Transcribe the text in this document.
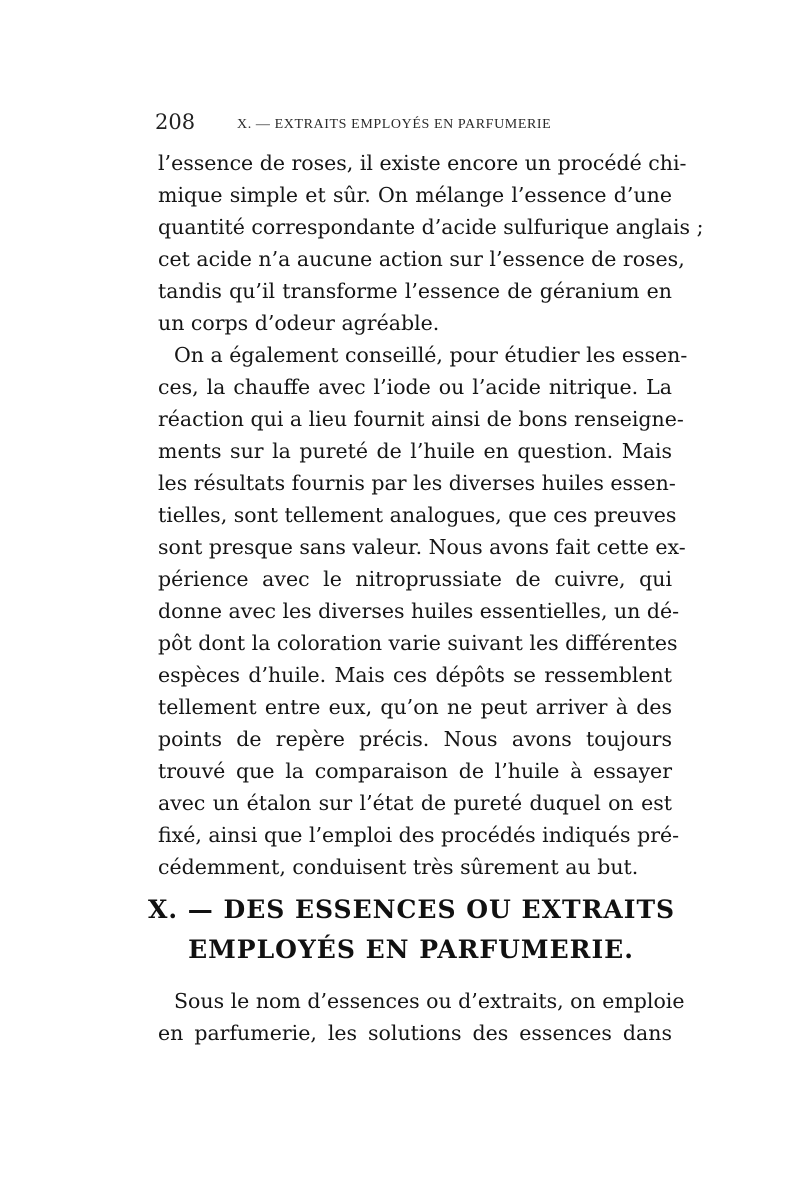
208	X. — EXTRAITS EMPLOYÉS EN PARFUMERIE
l’essence de roses, il existe encore un procédé chi-
mique simple et sûr. On mélange l’essence d’une
quantité correspondante d’acide sulfurique anglais ;
cet acide n’a aucune action sur l’essence de roses,
tandis qu’il transforme l’essence de géranium en
un corps d’odeur agréable.
On a également conseillé, pour étudier les essen-
ces, la chauffe avec l’iode ou l’acide nitrique. La
réaction qui a lieu fournit ainsi de bons renseigne-
ments sur la pureté de l’huile en question. Mais
les résultats fournis par les diverses huiles essen-
tielles, sont tellement analogues, que ces preuves
sont presque sans valeur. Nous avons fait cette ex-
périence avec le nitroprussiate de cuivre, qui
donne avec les diverses huiles essentielles, un dé-
pôt dont la coloration varie suivant les différentes
espèces d’huile. Mais ces dépôts se ressemblent
tellement entre eux, qu’on ne peut arriver à des
points de repère précis. Nous avons toujours
trouvé que la comparaison de l’huile à essayer
avec un étalon sur l’état de pureté duquel on est
fixé, ainsi que l’emploi des procédés indiqués pré-
cédemment, conduisent très sûrement au but.
X. — DES ESSENCES OU EXTRAITS
EMPLOYÉS EN PARFUMERIE.
Sous le nom d’essences ou d’extraits, on emploie
en parfumerie, les solutions des essences dans
